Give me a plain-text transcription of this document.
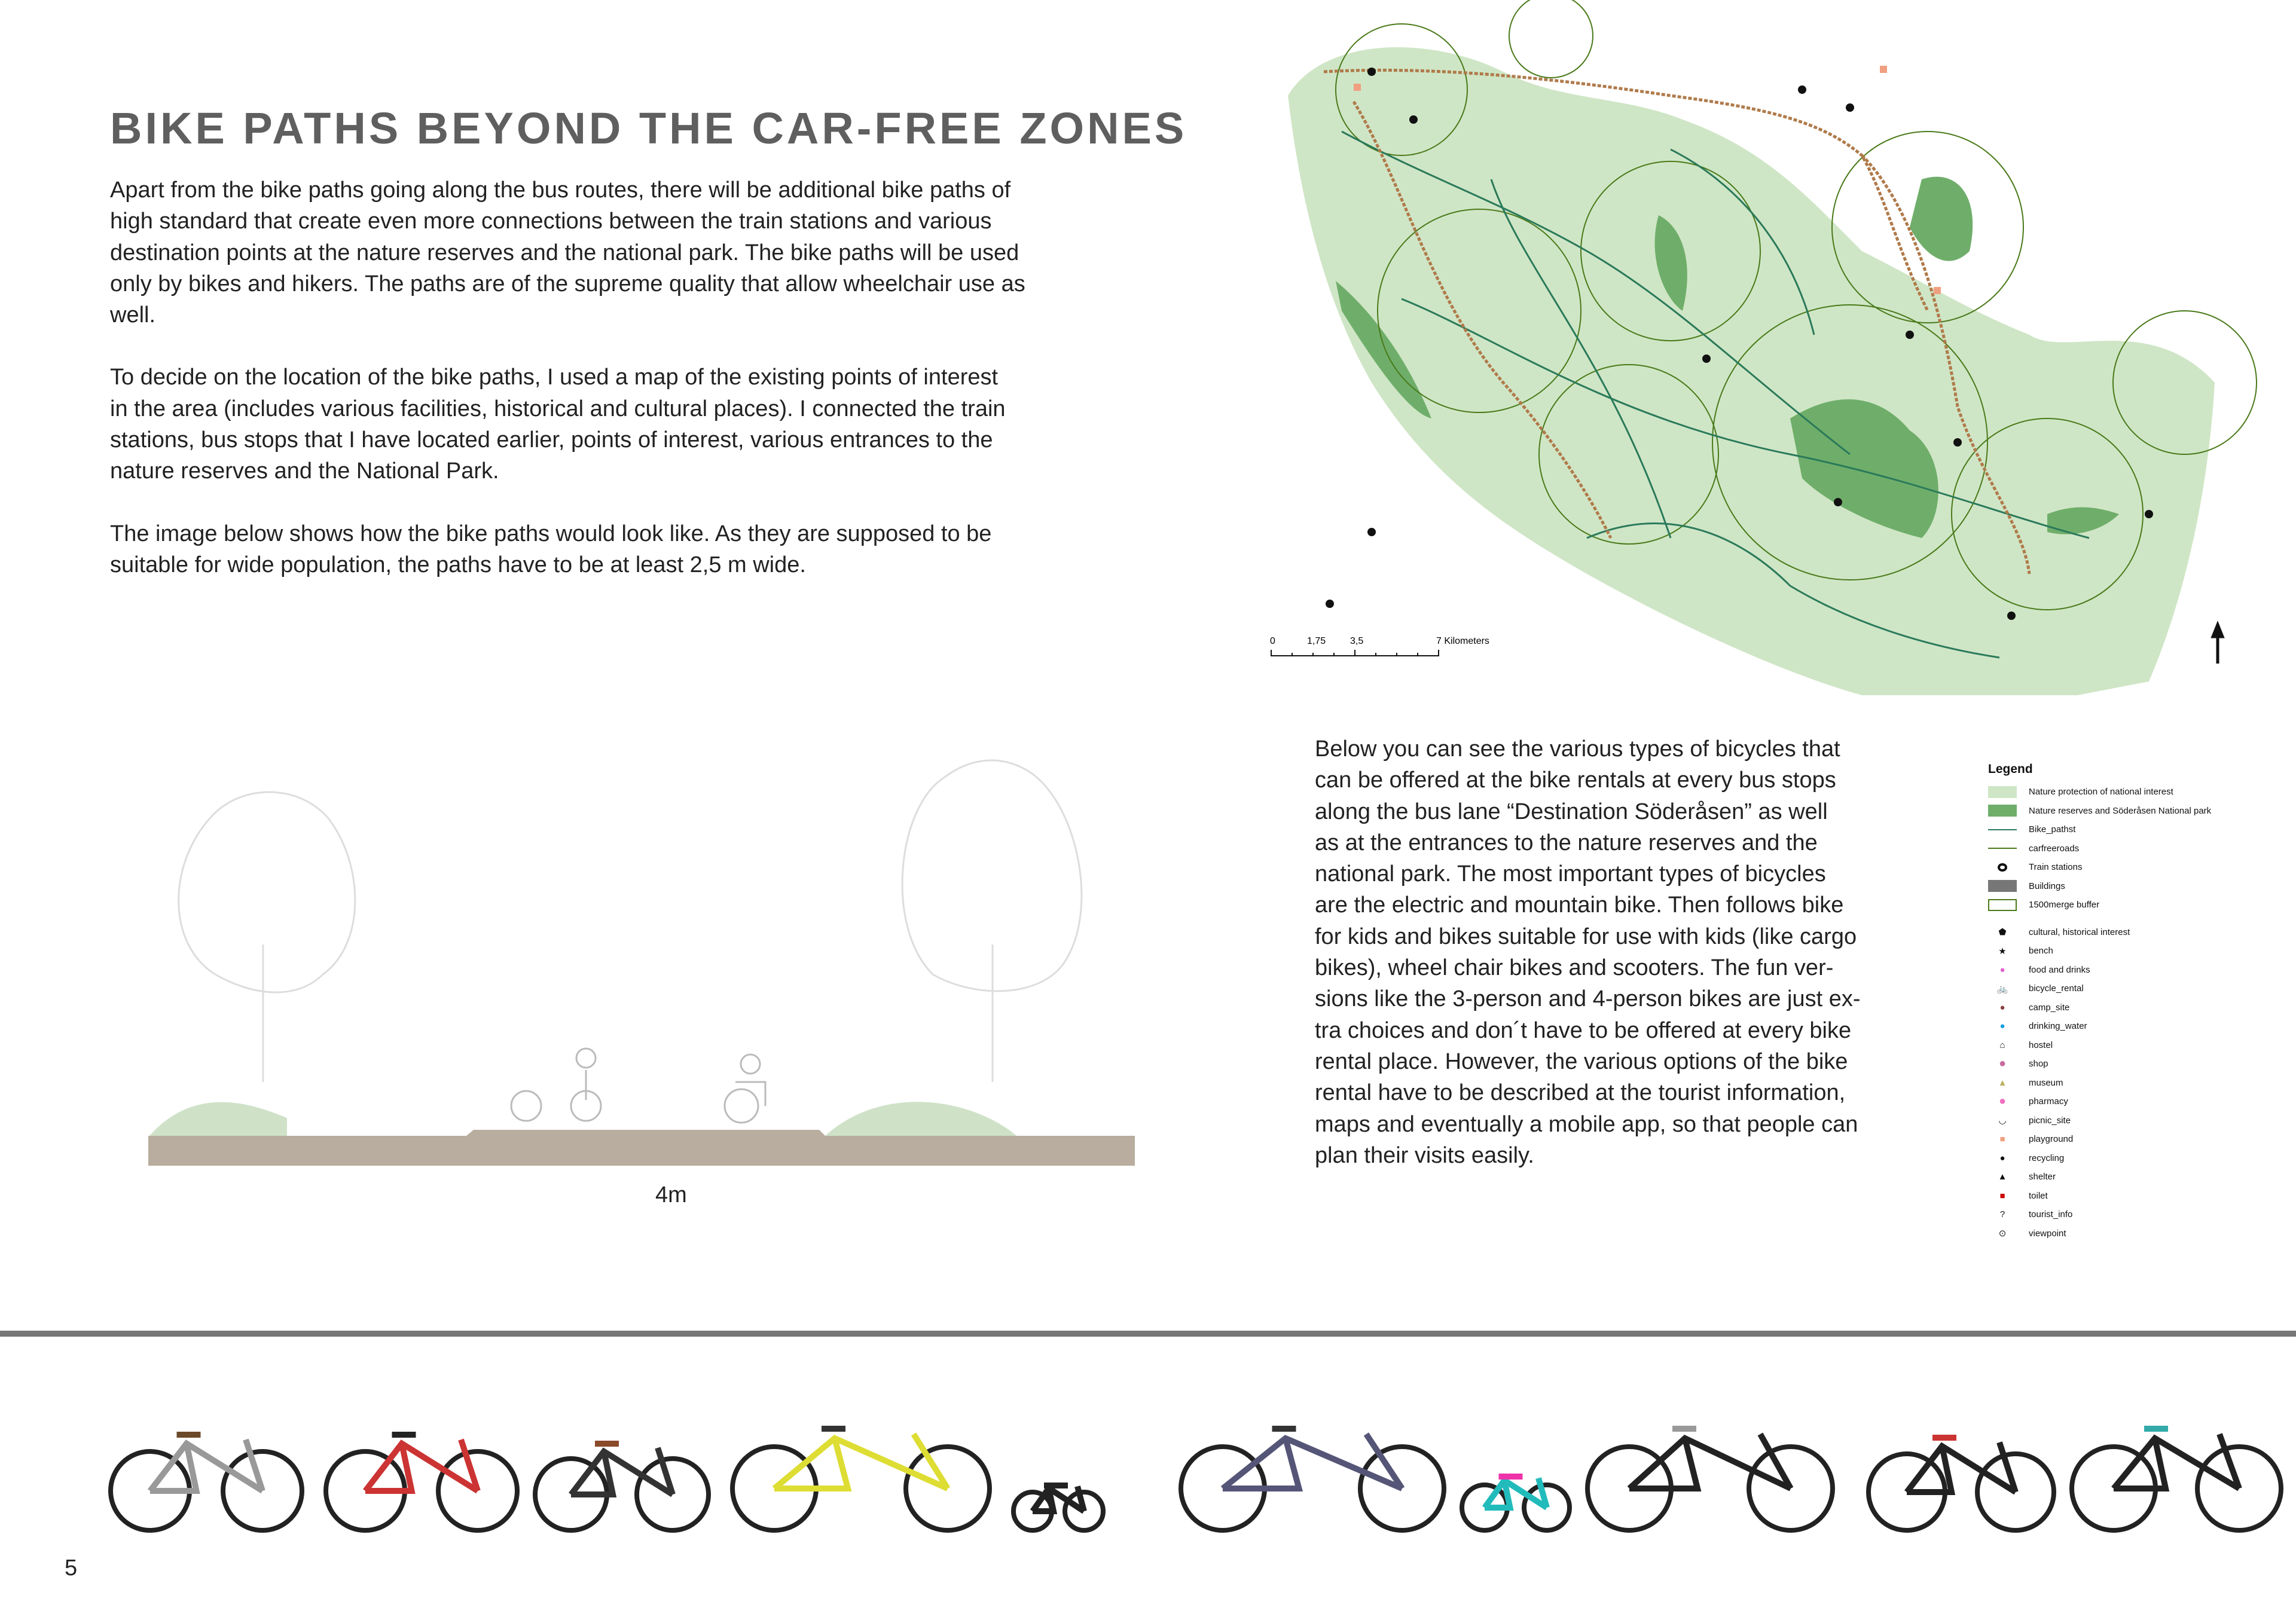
BIKE PATHS BEYOND THE CAR-FREE ZONES
Apart from the bike paths going along the bus routes, there will be additional bike paths of
high standard that create even more connections between the train stations and various
destination points at the nature reserves and the national park. The bike paths will be used
only by bikes and hikers. The paths are of the supreme quality that allow wheelchair use as
well.
To decide on the location of the bike paths, I used a map of the existing points of interest
in the area (includes various facilities, historical and cultural places). I connected the train
stations, bus stops that I have located earlier, points of interest, various entrances to the
nature reserves and the National Park.
The image below shows how the bike paths would look like. As they are supposed to be
suitable for wide population, the paths have to be at least 2,5 m wide.
0	1,75	3,5	7 Kilometers
4m
Below you can see the various types of bicycles that
can be offered at the bike rentals at every bus stops
along the bus lane “Destination Söderåsen” as well
as at the entrances to the nature reserves and the
national park. The most important types of bicycles
are the electric and mountain bike. Then follows bike
for kids and bikes suitable for use with kids (like cargo
bikes), wheel chair bikes and scooters. The fun ver-
sions like the 3-person and 4-person bikes are just ex-
tra choices and don´t have to be offered at every bike
rental place. However, the various options of the bike
rental have to be described at the tourist information,
maps and eventually a mobile app, so that people can
plan their visits easily.
Legend
Nature protection of national interest
Nature reserves and Söderåsen National park
Bike_pathst
carfreeroads
Train stations
Buildings
1500merge buffer
⬟	cultural, historical interest
★	bench
●	food and drinks
🚲	bicycle_rental
●	camp_site
●	drinking_water
⌂	hostel
●	shop
▲	museum
●	pharmacy
◡	picnic_site
■	playground
●	recycling
▲	shelter
■	toilet
?	tourist_info
⊙	viewpoint
5
